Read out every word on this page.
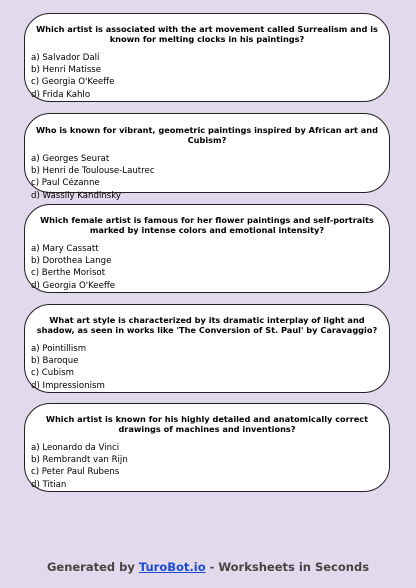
Which artist is associated with the art movement called Surrealism and is known for melting clocks in his paintings?
a) Salvador Dalí
b) Henri Matisse
c) Georgia O'Keeffe
d) Frida Kahlo
Who is known for vibrant, geometric paintings inspired by African art and Cubism?
a) Georges Seurat
b) Henri de Toulouse-Lautrec
c) Paul Cézanne
d) Wassily Kandinsky
Which female artist is famous for her flower paintings and self-portraits marked by intense colors and emotional intensity?
a) Mary Cassatt
b) Dorothea Lange
c) Berthe Morisot
d) Georgia O'Keeffe
What art style is characterized by its dramatic interplay of light and shadow, as seen in works like 'The Conversion of St. Paul' by Caravaggio?
a) Pointillism
b) Baroque
c) Cubism
d) Impressionism
Which artist is known for his highly detailed and anatomically correct drawings of machines and inventions?
a) Leonardo da Vinci
b) Rembrandt van Rijn
c) Peter Paul Rubens
d) Titian
Generated by TuroBot.io - Worksheets in Seconds
